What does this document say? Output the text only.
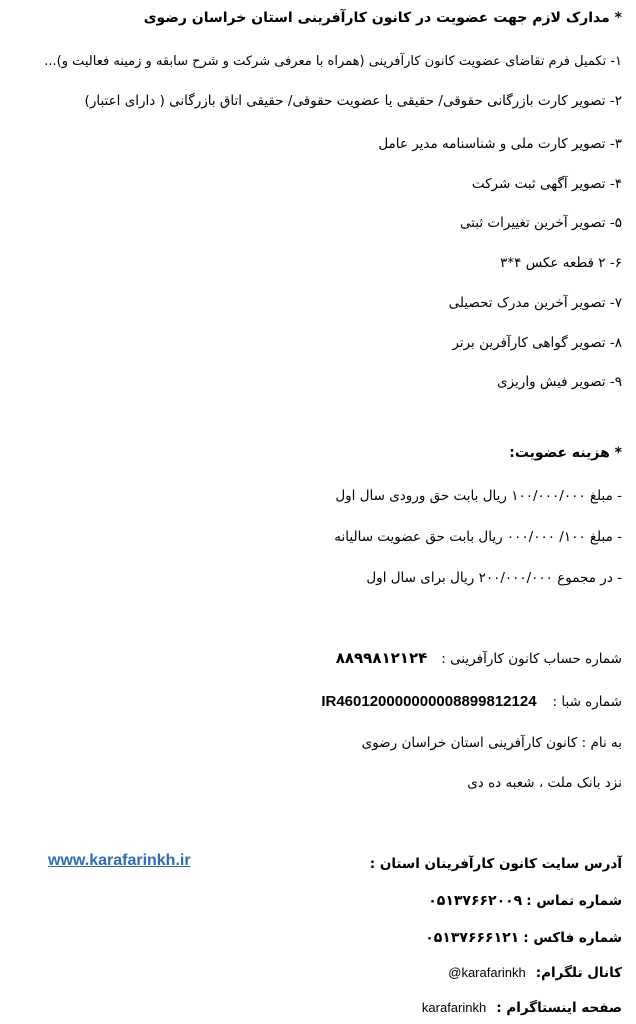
* مدارک لازم جهت عضویت در کانون کارآفرینی استان خراسان رضوی
۱- تکمیل فرم تقاضای عضویت کانون کارآفرینی (همراه با معرفی شرکت و شرح سابقه و زمینه فعالیت و)...
۲- تصویر کارت بازرگانی حقوقی/ حقیقی یا عضویت حقوقی/ حقیقی اتاق بازرگانی ( دارای اعتبار)
۳- تصویر کارت ملی و شناسنامه مدیر عامل
۴- تصویر آگهی ثبت شرکت
۵- تصویر آخرین تغییرات ثبتی
۶- ۲ قطعه عکس ۴*۳
۷- تصویر آخرین مدرک تحصیلی
۸- تصویر گواهی کارآفرین برتر
۹- تصویر فیش واریزی
* هزینه عضویت:
- مبلغ ۱۰۰/۰۰۰/۰۰۰ ریال بابت حق ورودی سال اول
- مبلغ ۱۰۰/ ۰۰۰/۰۰۰ ریال بابت حق عضویت سالیانه
- در مجموع ۲۰۰/۰۰۰/۰۰۰ ریال برای سال اول
شماره حساب کانون کارآفرینی :۸۸۹۹۸۱۲۱۲۴
شماره شبا :IR460120000000008899812124
به نام : کانون کارآفرینی استان خراسان رضوی
نزد بانک ملت ، شعبه ده دی
آدرس سایت کانون کارآفرینان استان :
www.karafarinkh.ir
شماره تماس :۰۵۱۳۷۶۶۲۰۰۹
شماره فاکس :۰۵۱۳۷۶۶۶۱۲۱
کانال تلگرام:@karafarinkh
صفحه اینستاگرام :karafarinkh
